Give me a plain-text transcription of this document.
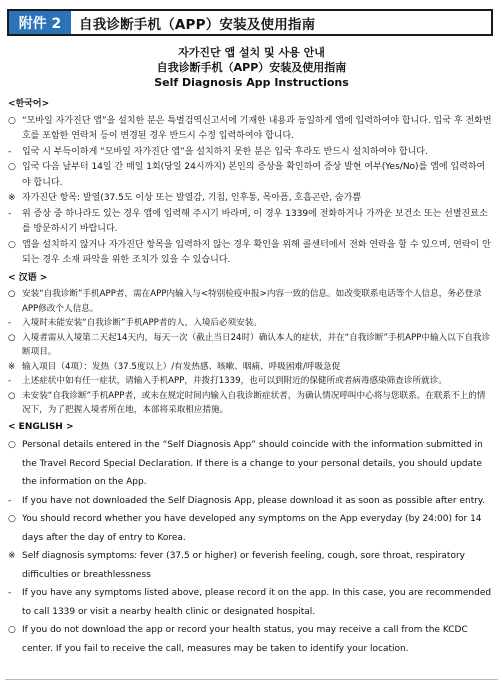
附件 2	自我诊断手机（APP）安装及使用指南
자가진단 앱 설치 및 사용 안내
自我诊断手机（APP）安装及使用指南
Self Diagnosis App Instructions
<한국어>
○ “모바일 자가진단 앱”을 설치한 분은 특별검역신고서에 기재한 내용과 동일하게 앱에 입력하여야 합니다. 입국 후 전화번호를 포함한 연락처 등이 변경된 경우 반드시 수정 입력하여야 합니다.
-	입국 시 부득이하게 “모바일 자가진단 앱”을 설치하지 못한 분은 입국 후라도 반드시 설치하여야 합니다.
○ 입국 다음 날부터 14일 간 매일 1회(당일 24시까지) 본인의 증상을 확인하여 증상 발현 여부(Yes/No)를 앱에 입력하여야 합니다.
※ 자가진단 항목: 발열(37.5도 이상 또는 발열감, 기침, 인후통, 목아픔, 호흡곤란, 숨가쁨
-	위 증상 중 하나라도 있는 경우 앱에 입력해 주시기 바라며, 이 경우 1339에 전화하거나 가까운 보건소 또는 선별진료소를 방문하시기 바랍니다.
○ 앱을 설치하지 않거나 자가진단 항목을 입력하지 않는 경우 확인을 위해 콜센터에서 전화 연락을 할 수 있으며, 연락이 안되는 경우 소재 파악을 위한 조치가 있을 수 있습니다.
< 汉语 >
○ 安装“自我诊断”手机APP者，需在APP内输入与<特别检疫申报>内容一致的信息。如改变联系电话等个人信息，务必登录APP修改个人信息。
-	入境时未能安装“自我诊断”手机APP者的人，入境后必须安装。
○ 入境者需从入境第二天起14天内，每天一次（截止当日24时）确认本人的症状，并在“自我诊断”手机APP中输入以下自我诊断项目。
※ 输入项目（4项）：发热（37.5度以上）/有发热感、咳嗽、咽痛、呼吸困难/呼吸急促
-	上述症状中如有任一症状，请输入手机APP，并拨打1339，也可以到附近的保健所或者病毒感染筛查诊所就诊。
○ 未安装“自我诊断”手机APP者，或未在规定时间内输入自我诊断症状者，为确认情况呼叫中心将与您联系。在联系不上的情况下，为了把握入境者所在地，本部将采取相应措施。
< ENGLISH >
○ Personal details entered in the “Self Diagnosis App” should coincide with the information submitted in the Travel Record Special Declaration. If there is a change to your personal details, you should update the information on the App.
-	If you have not downloaded the Self Diagnosis App, please download it as soon as possible after entry.
○ You should record whether you have developed any symptoms on the App everyday (by 24:00) for 14 days after the day of entry to Korea.
※ Self diagnosis symptoms: fever (37.5 or higher) or feverish feeling, cough, sore throat, respiratory difficulties or breathlessness
-	If you have any symptoms listed above, please record it on the app. In this case, you are recommended to call 1339 or visit a nearby health clinic or designated hospital.
○ If you do not download the app or record your health status, you may receive a call from the KCDC center. If you fail to receive the call, measures may be taken to identify your location.
